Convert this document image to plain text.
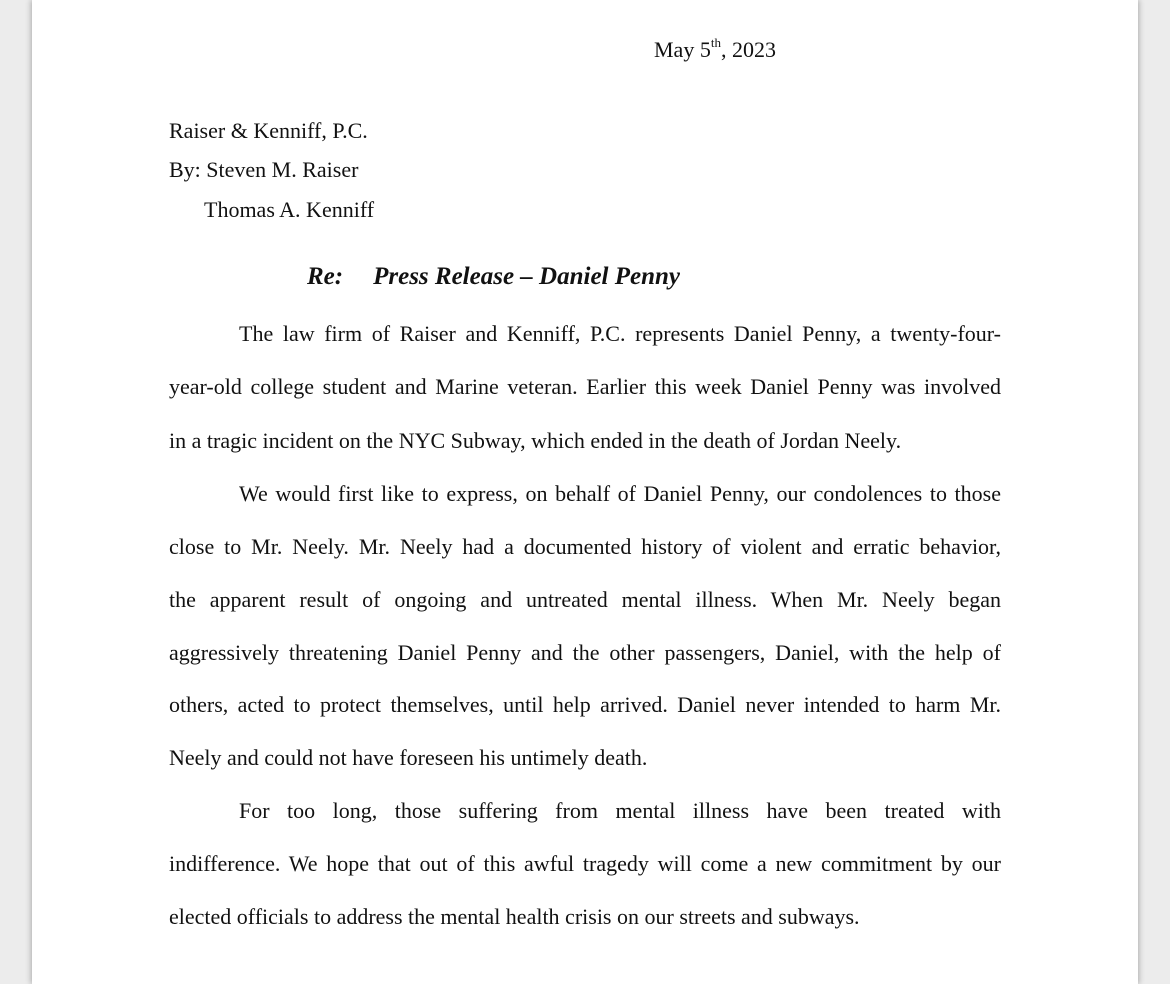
May 5th, 2023
Raiser & Kenniff, P.C.
By: Steven M. Raiser
Thomas A. Kenniff
Re: Press Release – Daniel Penny
The law firm of Raiser and Kenniff, P.C. represents Daniel Penny, a twenty-four-
year-old college student and Marine veteran. Earlier this week Daniel Penny was involved
in a tragic incident on the NYC Subway, which ended in the death of Jordan Neely.
We would first like to express, on behalf of Daniel Penny, our condolences to those
close to Mr. Neely. Mr. Neely had a documented history of violent and erratic behavior,
the apparent result of ongoing and untreated mental illness. When Mr. Neely began
aggressively threatening Daniel Penny and the other passengers, Daniel, with the help of
others, acted to protect themselves, until help arrived. Daniel never intended to harm Mr.
Neely and could not have foreseen his untimely death.
For too long, those suffering from mental illness have been treated with
indifference. We hope that out of this awful tragedy will come a new commitment by our
elected officials to address the mental health crisis on our streets and subways.
